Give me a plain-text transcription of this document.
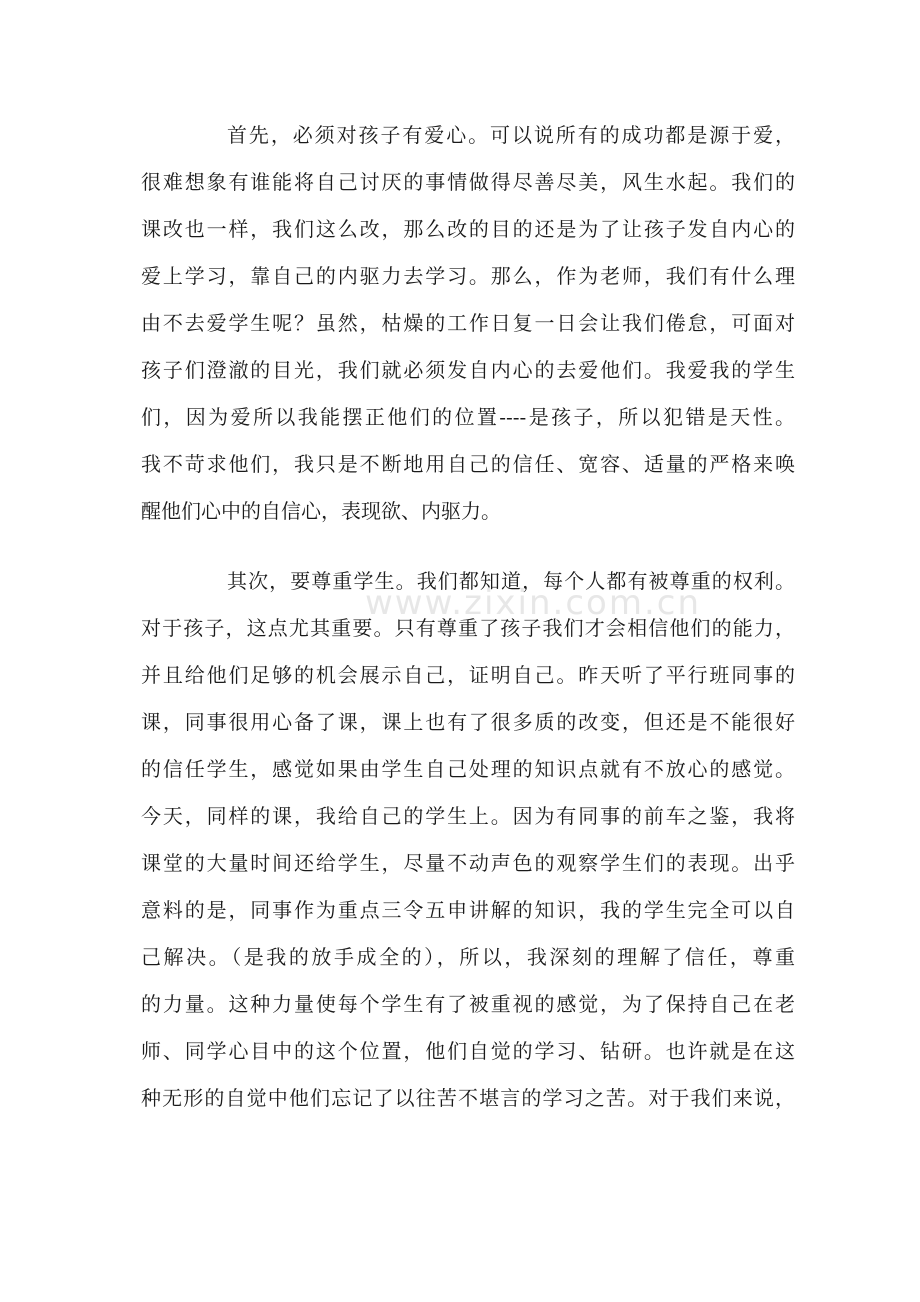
www.zixin.com.cn
首先，必须对孩子有爱心。可以说所有的成功都是源于爱，
很难想象有谁能将自己讨厌的事情做得尽善尽美，风生水起。我们的
课改也一样，我们这么改，那么改的目的还是为了让孩子发自内心的
爱上学习，靠自己的内驱力去学习。那么，作为老师，我们有什么理
由不去爱学生呢？虽然，枯燥的工作日复一日会让我们倦怠，可面对
孩子们澄澈的目光，我们就必须发自内心的去爱他们。我爱我的学生
们，因为爱所以我能摆正他们的位置----是孩子，所以犯错是天性。
我不苛求他们，我只是不断地用自己的信任、宽容、适量的严格来唤
醒他们心中的自信心，表现欲、内驱力。
其次，要尊重学生。我们都知道，每个人都有被尊重的权利。
对于孩子，这点尤其重要。只有尊重了孩子我们才会相信他们的能力，
并且给他们足够的机会展示自己，证明自己。昨天听了平行班同事的
课，同事很用心备了课，课上也有了很多质的改变，但还是不能很好
的信任学生，感觉如果由学生自己处理的知识点就有不放心的感觉。
今天，同样的课，我给自己的学生上。因为有同事的前车之鉴，我将
课堂的大量时间还给学生，尽量不动声色的观察学生们的表现。出乎
意料的是，同事作为重点三令五申讲解的知识，我的学生完全可以自
己解决。（是我的放手成全的），所以，我深刻的理解了信任，尊重
的力量。这种力量使每个学生有了被重视的感觉，为了保持自己在老
师、同学心目中的这个位置，他们自觉的学习、钻研。也许就是在这
种无形的自觉中他们忘记了以往苦不堪言的学习之苦。对于我们来说，
